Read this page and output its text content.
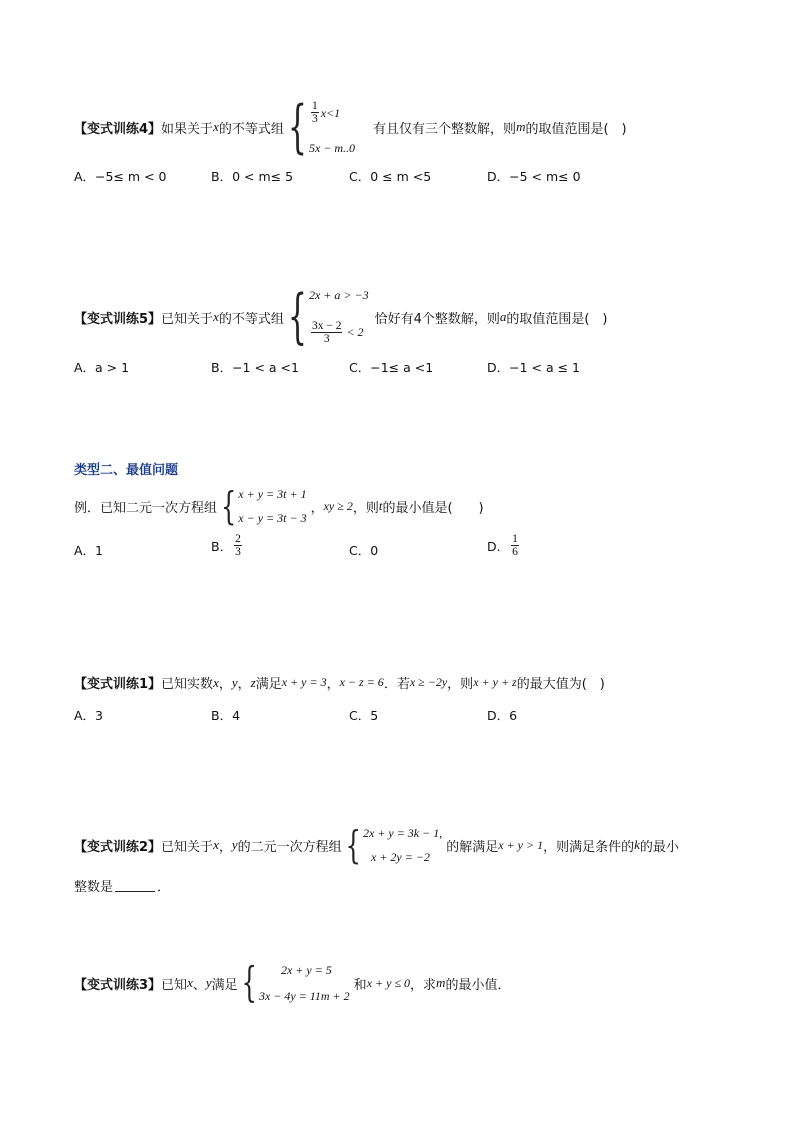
【变式训练4】 如果关于 x 的不等式组 { $\frac{1}{3} x<1$
5x − m..0
有且仅有三个整数解，则 m 的取值范围是(　)
A．−5≤ m < 0	B．0 < m≤ 5	C．0 ≤ m <5	D．−5 < m≤ 0
【变式训练5】 已知关于 x 的不等式组 { 2x + a > −3
$\frac{3x - 2}{3} < 2$
恰好有4个整数解，则 a 的取值范围是(　)
A．a > 1	B．−1 < a <1	C．−1≤ a <1	D．−1 < a ≤ 1
类型二、最值问题
例．已知二元一次方程组 { x + y = 3t + 1
x − y = 3t − 3
， xy ≥ 2 ，则 t 的最小值是(　　)
A．1	B． $\frac{2}{3}$	C．0	D． $\frac{1}{6}$
【变式训练1】 已知实数 x ， y ， z 满足 x + y = 3 ， x − z = 6 ．若 x ≥ −2y ，则 x + y + z 的最大值为(　)
A．3	B．4	C．5	D．6
【变式训练2】 已知关于 x ， y 的二元一次方程组 { 2x + y = 3k − 1,
x + 2y = −2
的解满足 x + y > 1 ，则满足条件的 k 的最小
整数是	．
【变式训练3】 已知 x 、 y 满足 {	2x + y = 5
3x − 4y = 11m + 2
和 x + y ≤ 0 ，求 m 的最小值．
